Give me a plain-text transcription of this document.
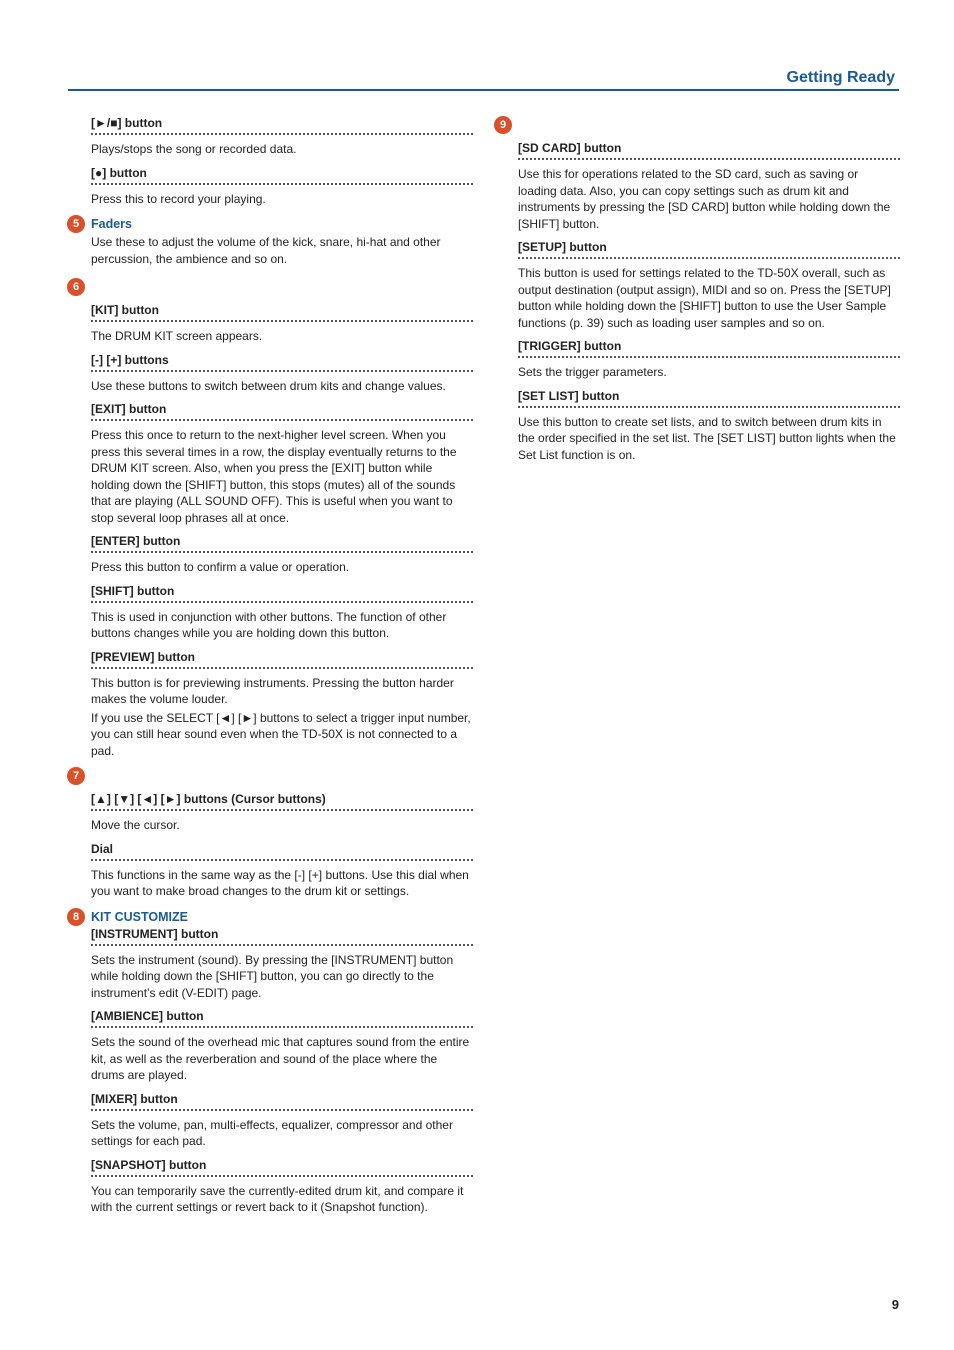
Getting Ready
[►/■] button

Plays/stops the song or recorded data.

[●] button

Press this to record your playing.

5 Faders
Use these to adjust the volume of the kick, snare, hi-hat and other percussion, the ambience and so on.
6
[KIT] button

The DRUM KIT screen appears.

[-] [+] buttons

Use these buttons to switch between drum kits and change values.

[EXIT] button

Press this once to return to the next-higher level screen. When you press this several times in a row, the display eventually returns to the DRUM KIT screen. Also, when you press the [EXIT] button while holding down the [SHIFT] button, this stops (mutes) all of the sounds that are playing (ALL SOUND OFF). This is useful when you want to stop several loop phrases all at once.

[ENTER] button

Press this button to confirm a value or operation.

[SHIFT] button

This is used in conjunction with other buttons. The function of other buttons changes while you are holding down this button.

[PREVIEW] button

This button is for previewing instruments. Pressing the button harder makes the volume louder.

If you use the SELECT [◄] [►] buttons to select a trigger input number, you can still hear sound even when the TD-50X is not connected to a pad.

7
[▲] [▼] [◄] [►] buttons (Cursor buttons)

Move the cursor.

Dial

This functions in the same way as the [-] [+] buttons. Use this dial when you want to make broad changes to the drum kit or settings.

8 KIT CUSTOMIZE
[INSTRUMENT] button

Sets the instrument (sound). By pressing the [INSTRUMENT] button while holding down the [SHIFT] button, you can go directly to the instrument’s edit (V-EDIT) page.

[AMBIENCE] button

Sets the sound of the overhead mic that captures sound from the entire kit, as well as the reverberation and sound of the place where the drums are played.

[MIXER] button

Sets the volume, pan, multi-effects, equalizer, compressor and other settings for each pad.

[SNAPSHOT] button

You can temporarily save the currently-edited drum kit, and compare it with the current settings or revert back to it (Snapshot function).

9
[SD CARD] button

Use this for operations related to the SD card, such as saving or loading data. Also, you can copy settings such as drum kit and instruments by pressing the [SD CARD] button while holding down the [SHIFT] button.

[SETUP] button

This button is used for settings related to the TD-50X overall, such as output destination (output assign), MIDI and so on. Press the [SETUP] button while holding down the [SHIFT] button to use the User Sample functions (p. 39) such as loading user samples and so on.

[TRIGGER] button

Sets the trigger parameters.

[SET LIST] button

Use this button to create set lists, and to switch between drum kits in the order specified in the set list. The [SET LIST] button lights when the Set List function is on.

9
